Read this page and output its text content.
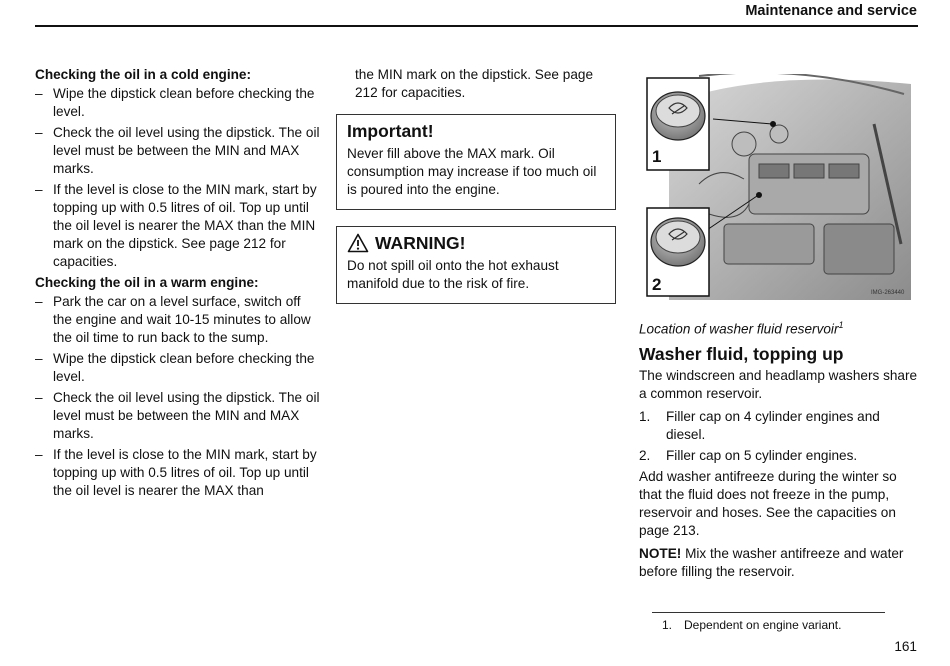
Maintenance and service
Checking the oil in a cold engine:
– Wipe the dipstick clean before checking the level.
– Check the oil level using the dipstick. The oil level must be between the MIN and MAX marks.
– If the level is close to the MIN mark, start by topping up with 0.5 litres of oil. Top up until the oil level is nearer the MAX than the MIN mark on the dipstick. See page 212 for capacities.
Checking the oil in a warm engine:
– Park the car on a level surface, switch off the engine and wait 10-15 minutes to allow the oil time to run back to the sump.
– Wipe the dipstick clean before checking the level.
– Check the oil level using the dipstick. The oil level must be between the MIN and MAX marks.
– If the level is close to the MIN mark, start by topping up with 0.5 litres of oil. Top up until the oil level is nearer the MAX than
the MIN mark on the dipstick. See page 212 for capacities.
Important!
Never fill above the MAX mark. Oil consumption may increase if too much oil is poured into the engine.
WARNING!
Do not spill oil onto the hot exhaust manifold due to the risk of fire.
1
2	IMG-263440
Location of washer fluid reservoir$^1$
Washer fluid, topping up
The windscreen and headlamp washers share a common reservoir.
1. Filler cap on 4 cylinder engines and diesel.
2. Filler cap on 5 cylinder engines.
Add washer antifreeze during the winter so that the fluid does not freeze in the pump, reservoir and hoses. See the capacities on page 213.
NOTE! Mix the washer antifreeze and water before filling the reservoir.
1. Dependent on engine variant.
161
